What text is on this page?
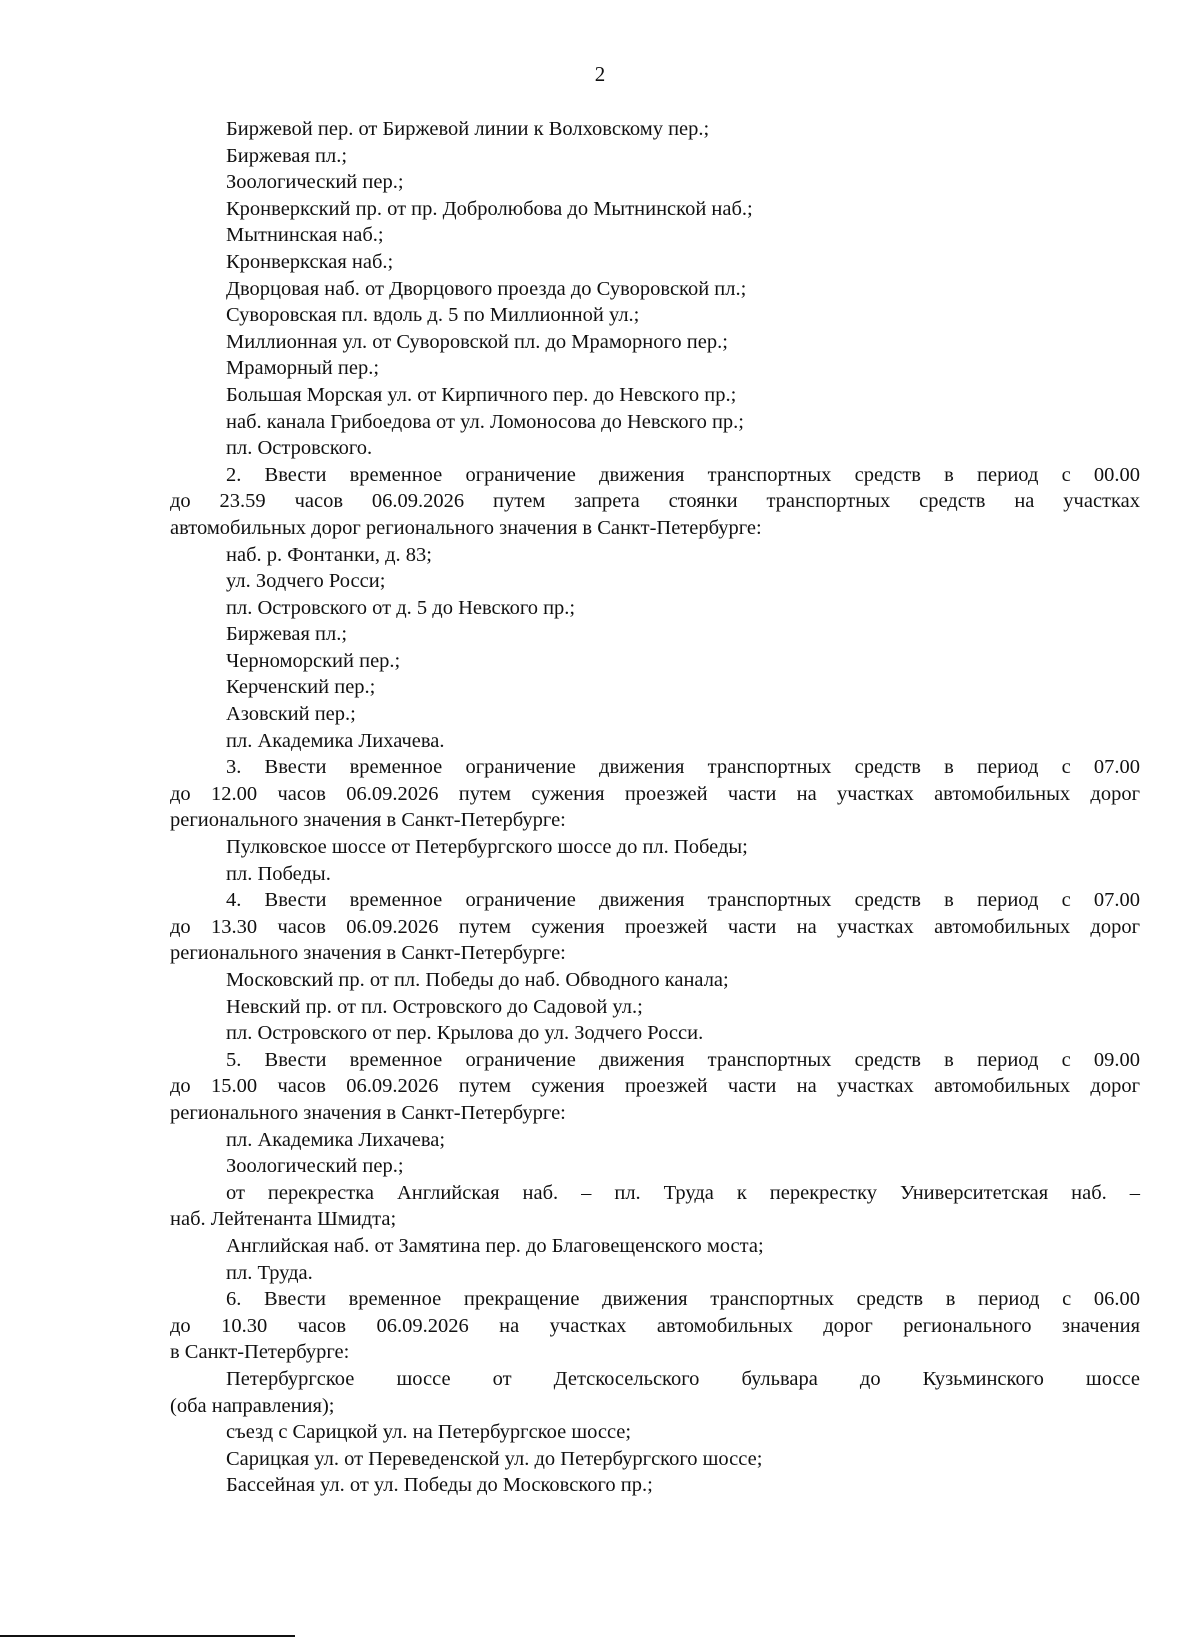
2
Биржевой пер. от Биржевой линии к Волховскому пер.;
Биржевая пл.;
Зоологический пер.;
Кронверкский пр. от пр. Добролюбова до Мытнинской наб.;
Мытнинская наб.;
Кронверкская наб.;
Дворцовая наб. от Дворцового проезда до Суворовской пл.;
Суворовская пл. вдоль д. 5 по Миллионной ул.;
Миллионная ул. от Суворовской пл. до Мраморного пер.;
Мраморный пер.;
Большая Морская ул. от Кирпичного пер. до Невского пр.;
наб. канала Грибоедова от ул. Ломоносова до Невского пр.;
пл. Островского.
2. Ввести временное ограничение движения транспортных средств в период с 00.00
до 23.59 часов 06.09.2026 путем запрета стоянки транспортных средств на участках
автомобильных дорог регионального значения в Санкт-Петербурге:
наб. р. Фонтанки, д. 83;
ул. Зодчего Росси;
пл. Островского от д. 5 до Невского пр.;
Биржевая пл.;
Черноморский пер.;
Керченский пер.;
Азовский пер.;
пл. Академика Лихачева.
3. Ввести временное ограничение движения транспортных средств в период с 07.00
до 12.00 часов 06.09.2026 путем сужения проезжей части на участках автомобильных дорог
регионального значения в Санкт-Петербурге:
Пулковское шоссе от Петербургского шоссе до пл. Победы;
пл. Победы.
4. Ввести временное ограничение движения транспортных средств в период с 07.00
до 13.30 часов 06.09.2026 путем сужения проезжей части на участках автомобильных дорог
регионального значения в Санкт-Петербурге:
Московский пр. от пл. Победы до наб. Обводного канала;
Невский пр. от пл. Островского до Садовой ул.;
пл. Островского от пер. Крылова до ул. Зодчего Росси.
5. Ввести временное ограничение движения транспортных средств в период с 09.00
до 15.00 часов 06.09.2026 путем сужения проезжей части на участках автомобильных дорог
регионального значения в Санкт-Петербурге:
пл. Академика Лихачева;
Зоологический пер.;
от перекрестка Английская наб. – пл. Труда к перекрестку Университетская наб. –
наб. Лейтенанта Шмидта;
Английская наб. от Замятина пер. до Благовещенского моста;
пл. Труда.
6. Ввести временное прекращение движения транспортных средств в период с 06.00
до 10.30 часов 06.09.2026 на участках автомобильных дорог регионального значения
в Санкт-Петербурге:
Петербургское шоссе от Детскосельского бульвара до Кузьминского шоссе
(оба направления);
съезд с Сарицкой ул. на Петербургское шоссе;
Сарицкая ул. от Переведенской ул. до Петербургского шоссе;
Бассейная ул. от ул. Победы до Московского пр.;
